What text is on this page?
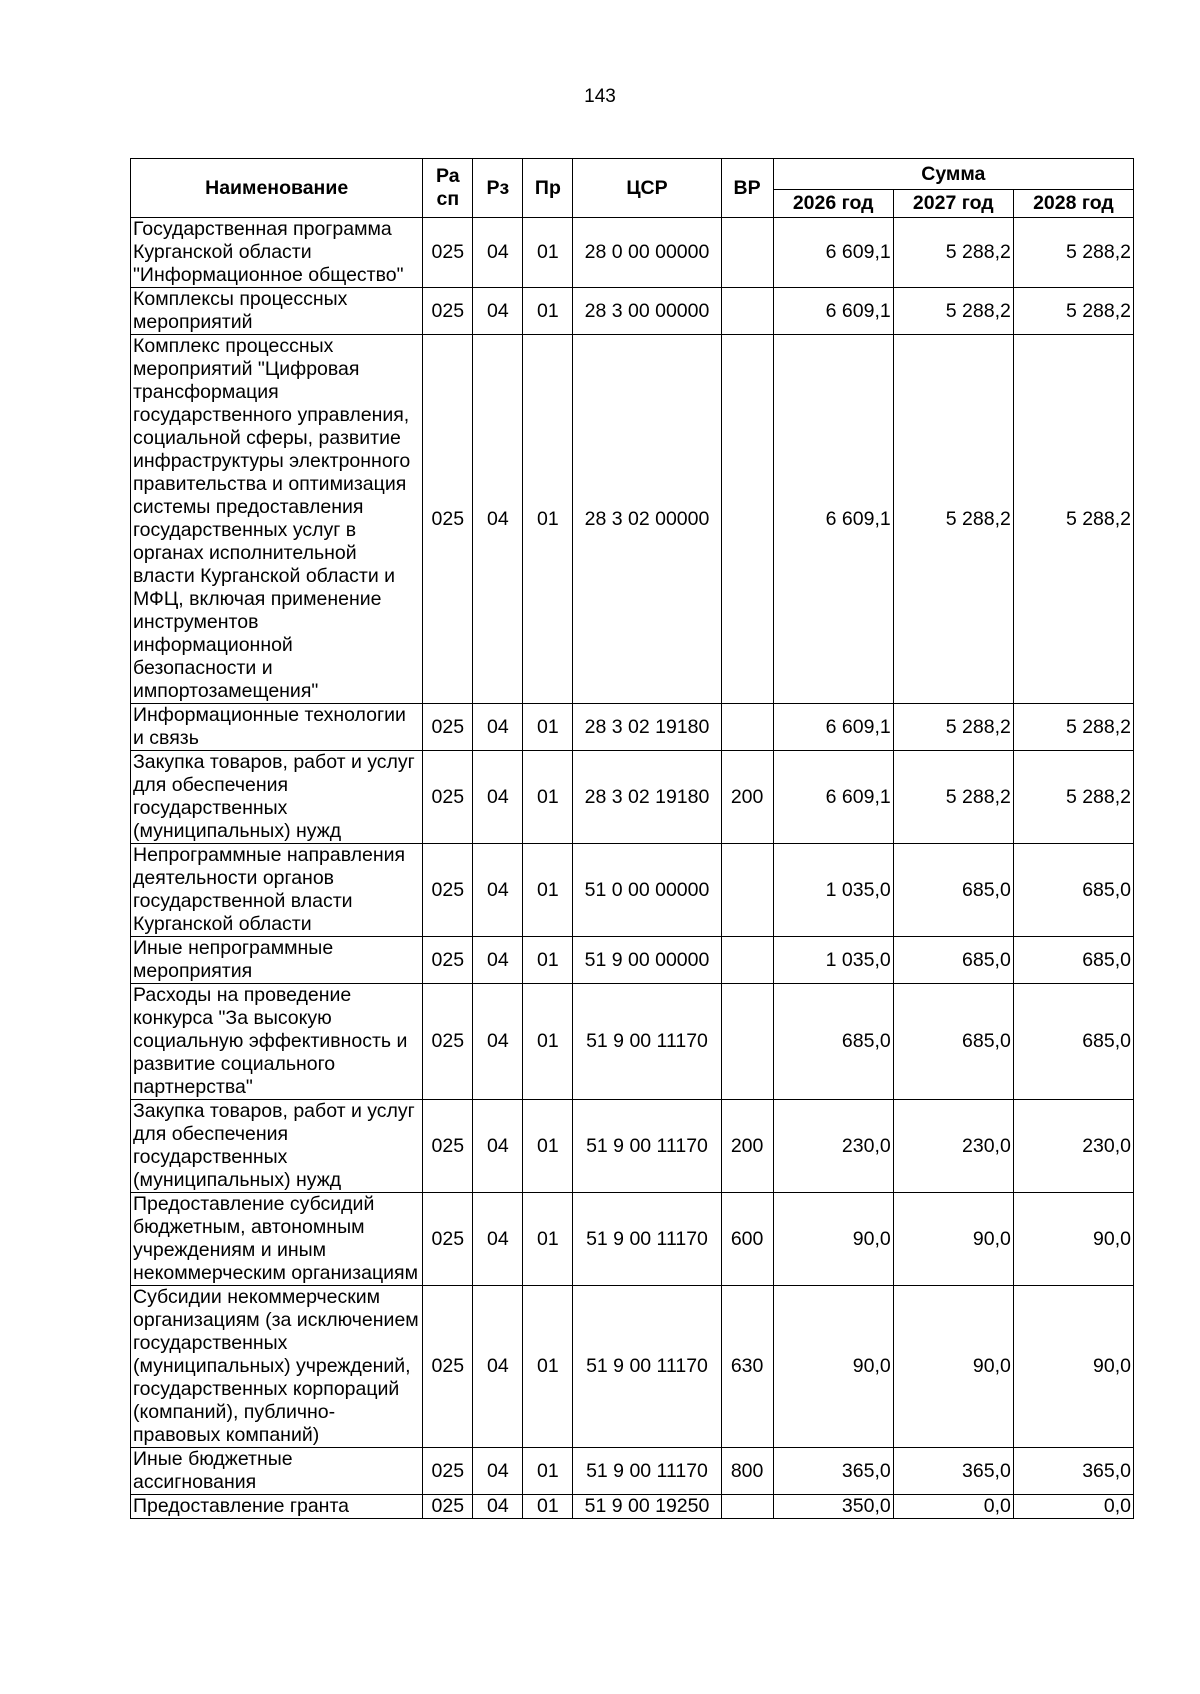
143
Наименование	Ра сп	Рз	Пр	ЦСР	ВР	Сумма		
						2026 год	2027 год	2028 год
Государственная программа Курганской области "Информационное общество"	025	04	01	28 0 00 00000		6 609,1	5 288,2	5 288,2
Комплексы процессных мероприятий	025	04	01	28 3 00 00000		6 609,1	5 288,2	5 288,2
Комплекс процессных мероприятий "Цифровая трансформация государственного управления, социальной сферы, развитие инфраструктуры электронного правительства и оптимизация системы предоставления государственных услуг в органах исполнительной власти Курганской области и МФЦ, включая применение инструментов информационной безопасности и импортозамещения"	025	04	01	28 3 02 00000		6 609,1	5 288,2	5 288,2
Информационные технологии и связь	025	04	01	28 3 02 19180		6 609,1	5 288,2	5 288,2
Закупка товаров, работ и услуг для обеспечения государственных (муниципальных) нужд	025	04	01	28 3 02 19180	200	6 609,1	5 288,2	5 288,2
Непрограммные направления деятельности органов государственной власти Курганской области	025	04	01	51 0 00 00000		1 035,0	685,0	685,0
Иные непрограммные мероприятия	025	04	01	51 9 00 00000		1 035,0	685,0	685,0
Расходы на проведение конкурса "За высокую социальную эффективность и развитие социального партнерства"	025	04	01	51 9 00 11170		685,0	685,0	685,0
Закупка товаров, работ и услуг для обеспечения государственных (муниципальных) нужд	025	04	01	51 9 00 11170	200	230,0	230,0	230,0
Предоставление субсидий бюджетным, автономным учреждениям и иным некоммерческим организациям	025	04	01	51 9 00 11170	600	90,0	90,0	90,0
Субсидии некоммерческим организациям (за исключением государственных (муниципальных) учреждений, государственных корпораций (компаний), публично-правовых компаний)	025	04	01	51 9 00 11170	630	90,0	90,0	90,0
Иные бюджетные ассигнования	025	04	01	51 9 00 11170	800	365,0	365,0	365,0
Предоставление гранта	025	04	01	51 9 00 19250		350,0	0,0	0,0
